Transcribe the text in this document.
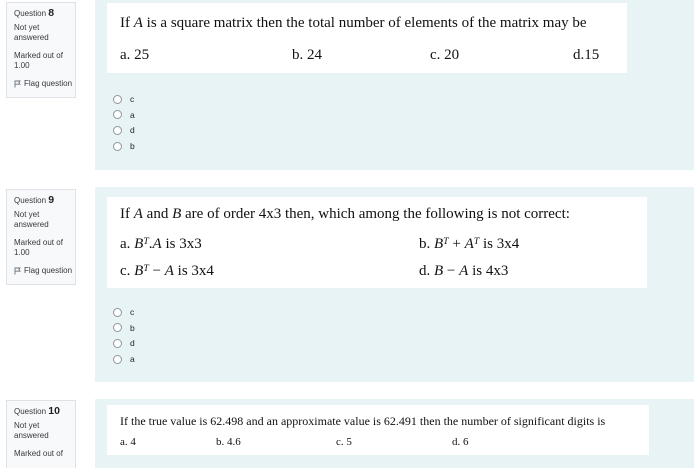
Question 8
Not yet
answered
Marked out of
1.00
Flag question
If A is a square matrix then the total number of elements of the matrix may be
a. 25	b. 24	c. 20	d.15
c
a
d
b
Question 9
Not yet
answered
Marked out of
1.00
Flag question
If A and B are of order 4x3 then, which among the following is not correct:
a. $B^T.A$ is 3x3	b. $B^T + A^T$ is 3x4
c. $B^T - A$ is 3x4	d. B − A is 4x3
c
b
d
a
Question 10
Not yet
answered
Marked out of
If the true value is 62.498 and an approximate value is 62.491 then the number of significant digits is
a. 4	b. 4.6	c. 5	d. 6
